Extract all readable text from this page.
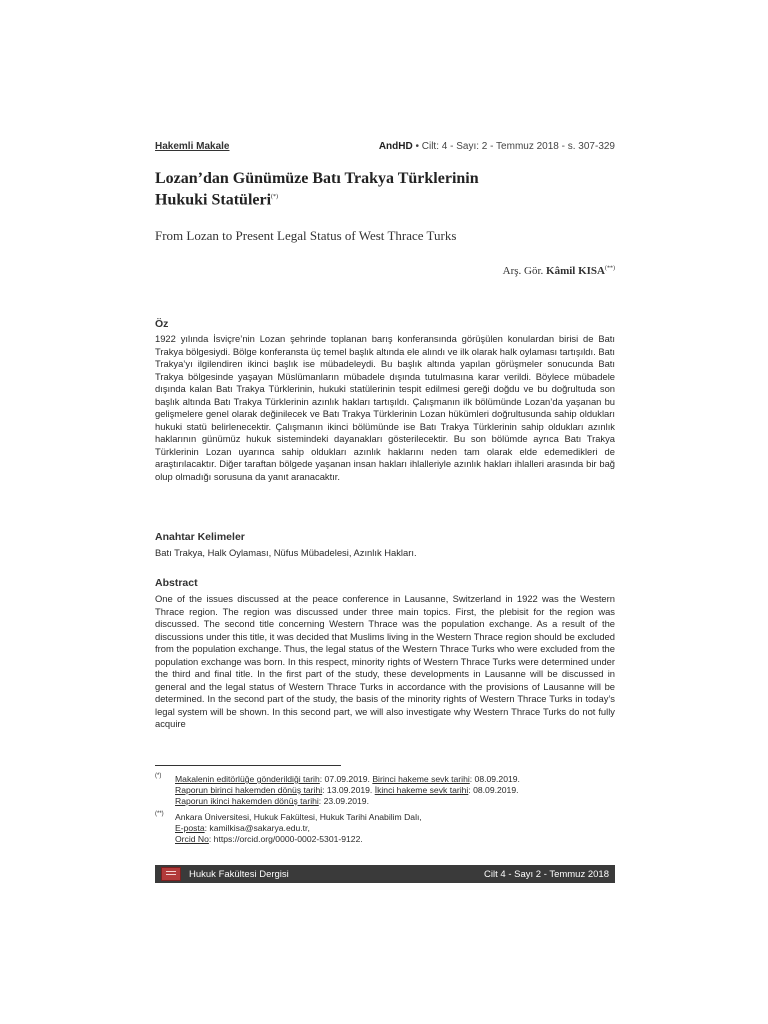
Hakemli Makale	AndHD • Cilt: 4 - Sayı: 2 - Temmuz 2018 - s. 307-329
Lozan’dan Günümüze Batı Trakya Türklerinin
Hukuki Statüleri(*)
From Lozan to Present Legal Status of West Thrace Turks
Arş. Gör. Kâmil KISA(**)
Öz
1922 yılında İsviçre’nin Lozan şehrinde toplanan barış konferansında görüşülen konulardan birisi de Batı Trakya bölgesiydi. Bölge konferansta üç temel başlık altında ele alındı ve ilk olarak halk oylaması tartışıldı. Batı Trakya’yı ilgilendiren ikinci başlık ise mübadeleydi. Bu başlık altında yapılan görüşmeler sonucunda Batı Trakya bölgesinde yaşayan Müslümanların mübadele dışında tutulmasına karar verildi. Böylece mübadele dışında kalan Batı Trakya Türklerinin, hukuki statülerinin tespit edilmesi gereği doğdu ve bu doğrultuda son başlık altında Batı Trakya Türklerinin azınlık hakları tartışıldı. Çalışmanın ilk bölümünde Lozan’da yaşanan bu gelişmelere genel olarak değinilecek ve Batı Trakya Türklerinin Lozan hükümleri doğrultusunda sahip oldukları hukuki statü belirlenecektir. Çalışmanın ikinci bölümünde ise Batı Trakya Türklerinin sahip oldukları azınlık haklarının günümüz hukuk sistemindeki dayanakları gösterilecektir. Bu son bölümde ayrıca Batı Trakya Türklerinin Lozan uyarınca sahip oldukları azınlık haklarını neden tam olarak elde edemedikleri de araştırılacaktır. Diğer taraftan bölgede yaşanan insan hakları ihlalleriyle azınlık hakları ihlalleri arasında bir bağ olup olmadığı sorusuna da yanıt aranacaktır.
Anahtar Kelimeler
Batı Trakya, Halk Oylaması, Nüfus Mübadelesi, Azınlık Hakları.
Abstract
One of the issues discussed at the peace conference in Lausanne, Switzerland in 1922 was the Western Thrace region. The region was discussed under three main topics. First, the plebisit for the region was discussed. The second title concerning Western Thrace was the population exchange. As a result of the discussions under this title, it was decided that Muslims living in the Western Thrace region should be excluded from the population exchange. Thus, the legal status of the Western Thrace Turks who were excluded from the population exchange was born. In this respect, minority rights of Western Thrace Turks were determined under the third and final title. In the first part of the study, these developments in Lausanne will be discussed in general and the legal status of Western Thrace Turks in accordance with the provisions of Lausanne will be determined. In the second part of the study, the basis of the minority rights of Western Thrace Turks in today’s legal system will be shown. In this second part, we will also investigate why Western Thrace Turks do not fully acquire
(*) Makalenin editörlüğe gönderildiği tarih: 07.09.2019. Birinci hakeme sevk tarihi: 08.09.2019.
Raporun birinci hakemden dönüş tarihi: 13.09.2019. İkinci hakeme sevk tarihi: 08.09.2019.
Raporun ikinci hakemden dönüş tarihi: 23.09.2019.
(**) Ankara Üniversitesi, Hukuk Fakültesi, Hukuk Tarihi Anabilim Dalı,
E-posta: kamilkisa@sakarya.edu.tr,
Orcid No: https://orcid.org/0000-0002-5301-9122.
Hukuk Fakültesi Dergisi	Cilt 4 - Sayı 2 - Temmuz 2018
